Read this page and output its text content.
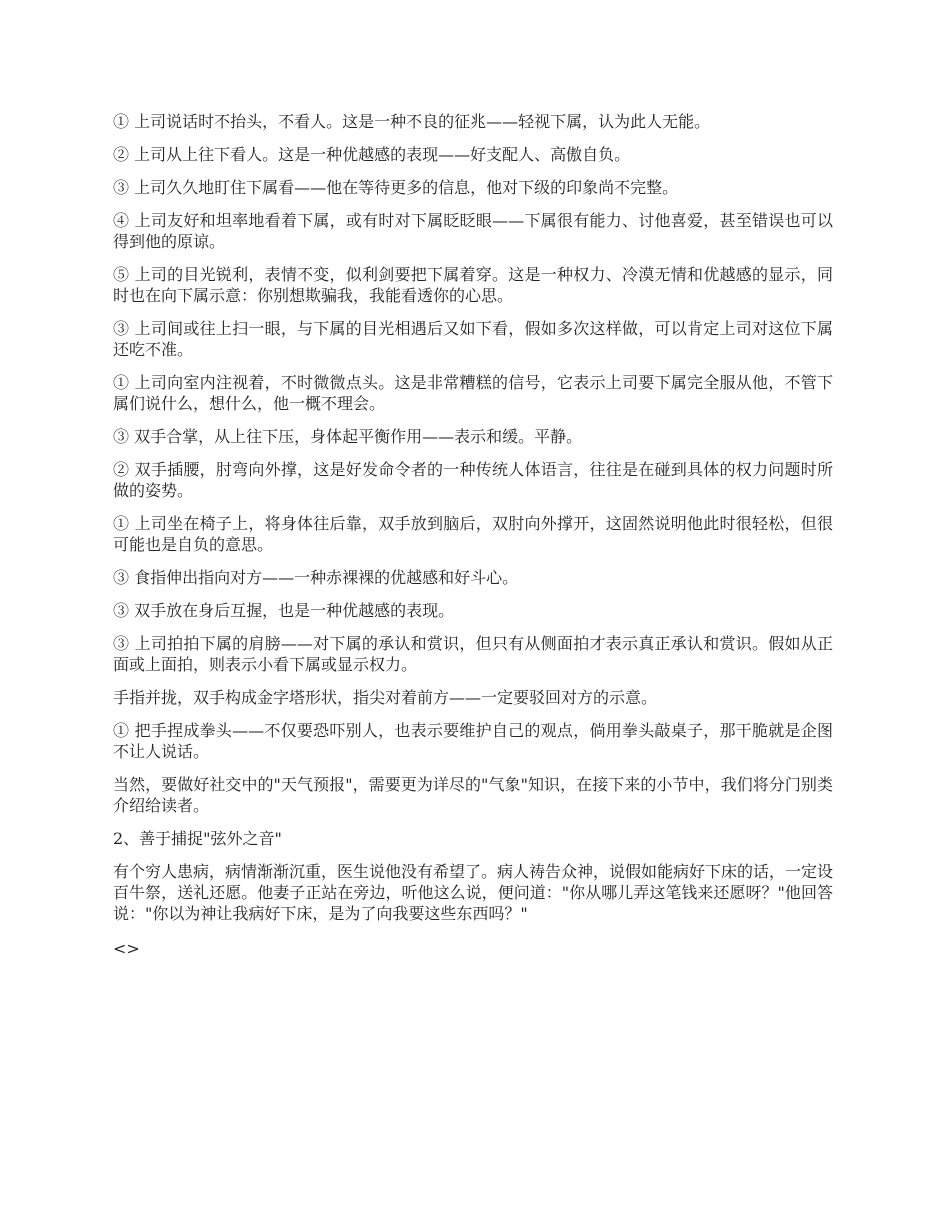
① 上司说话时不抬头，不看人。这是一种不良的征兆——轻视下属，认为此人无能。

② 上司从上往下看人。这是一种优越感的表现——好支配人、高傲自负。

③ 上司久久地盯住下属看——他在等待更多的信息，他对下级的印象尚不完整。

④ 上司友好和坦率地看着下属，或有时对下属眨眨眼——下属很有能力、讨他喜爱，甚至错误也可以得到他的原谅。

⑤ 上司的目光锐利，表情不变，似利剑要把下属着穿。这是一种权力、冷漠无情和优越感的显示，同时也在向下属示意：你别想欺骗我，我能看透你的心思。

③ 上司间或往上扫一眼，与下属的目光相遇后又如下看，假如多次这样做，可以肯定上司对这位下属还吃不准。

① 上司向室内注视着，不时微微点头。这是非常糟糕的信号，它表示上司要下属完全服从他，不管下属们说什么，想什么，他一概不理会。

③ 双手合掌，从上往下压，身体起平衡作用——表示和缓。平静。

② 双手插腰，肘弯向外撑，这是好发命令者的一种传统人体语言，往往是在碰到具体的权力问题时所做的姿势。

① 上司坐在椅子上，将身体往后靠，双手放到脑后，双肘向外撑开，这固然说明他此时很轻松，但很可能也是自负的意思。

③ 食指伸出指向对方——一种赤裸裸的优越感和好斗心。

③ 双手放在身后互握，也是一种优越感的表现。

③ 上司拍拍下属的肩膀——对下属的承认和赏识，但只有从侧面拍才表示真正承认和赏识。假如从正面或上面拍，则表示小看下属或显示权力。

手指并拢，双手构成金字塔形状，指尖对着前方——一定要驳回对方的示意。

① 把手捏成拳头——不仅要恐吓别人，也表示要维护自己的观点，倘用拳头敲桌子，那干脆就是企图不让人说话。

当然，要做好社交中的"天气预报"，需要更为详尽的"气象"知识，在接下来的小节中，我们将分门别类介绍给读者。

2、善于捕捉"弦外之音"

有个穷人患病，病情渐渐沉重，医生说他没有希望了。病人祷告众神，说假如能病好下床的话，一定设百牛祭，送礼还愿。他妻子正站在旁边，听他这么说，便问道："你从哪儿弄这笔钱来还愿呀？"他回答说："你以为神让我病好下床，是为了向我要这些东西吗？"

<>
